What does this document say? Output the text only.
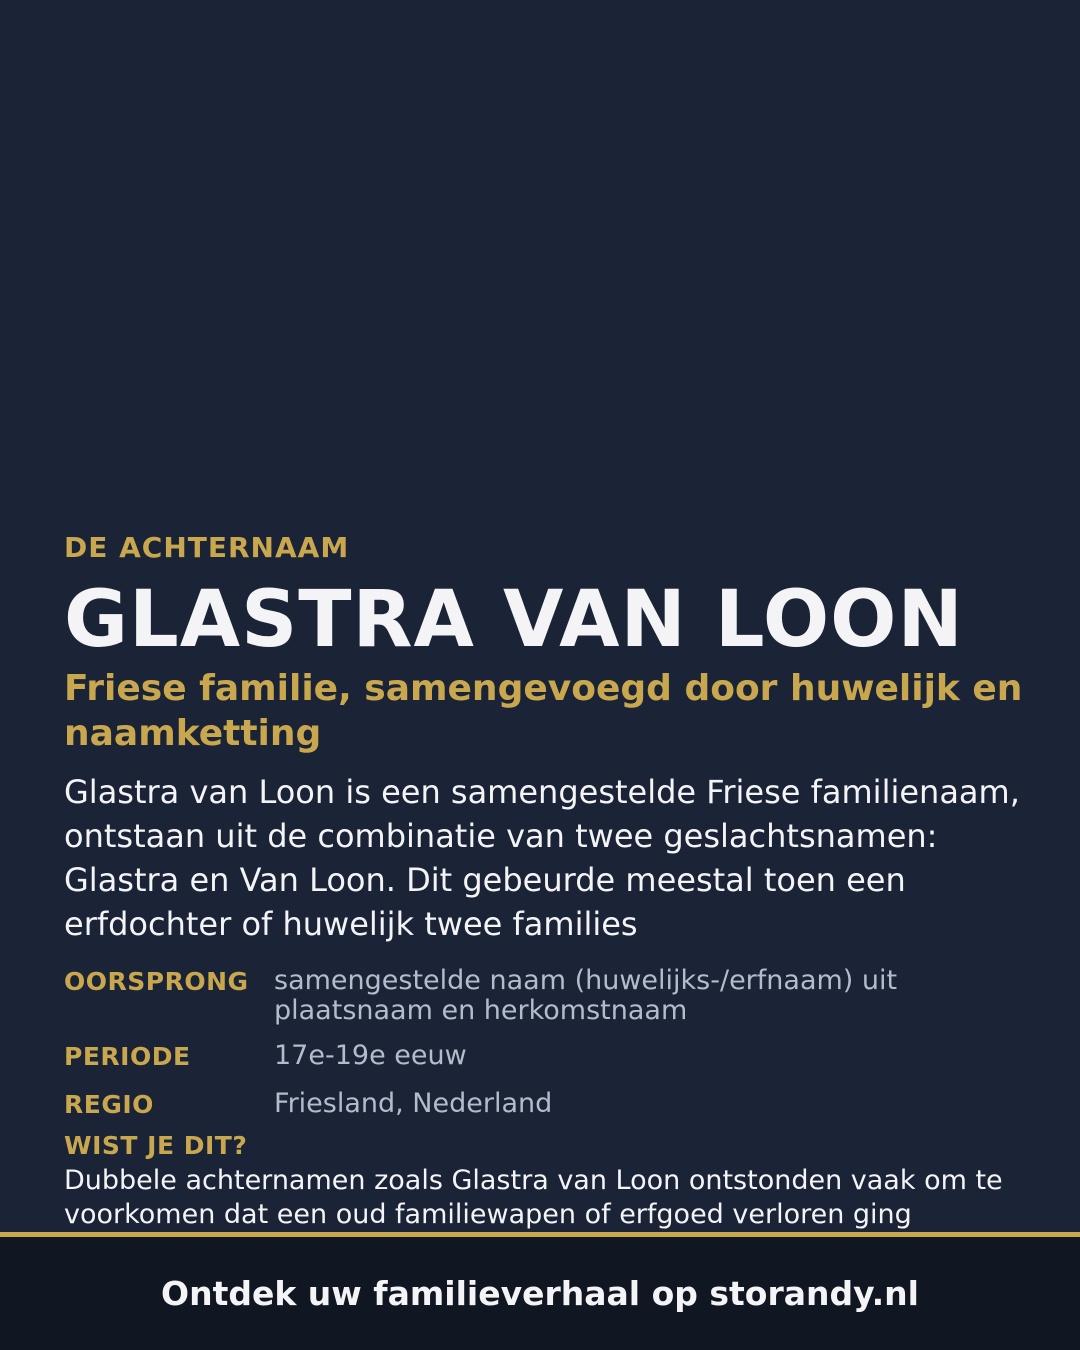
DE ACHTERNAAM
GLASTRA VAN LOON
Friese familie, samengevoegd door huwelijk en naamketting

Glastra van Loon is een samengestelde Friese familienaam, ontstaan uit de combinatie van twee geslachtsnamen: Glastra en Van Loon. Dit gebeurde meestal toen een erfdochter of huwelijk twee families

OORSPRONG samengestelde naam (huwelijks-/erfnaam) uit plaatsnaam en herkomstnaam
PERIODE	17e-19e eeuw
REGIO	Friesland, Nederland
WIST JE DIT?

Dubbele achternamen zoals Glastra van Loon ontstonden vaak om te voorkomen dat een oud familiewapen of erfgoed verloren ging

Ontdek uw familieverhaal op storandy.nl
